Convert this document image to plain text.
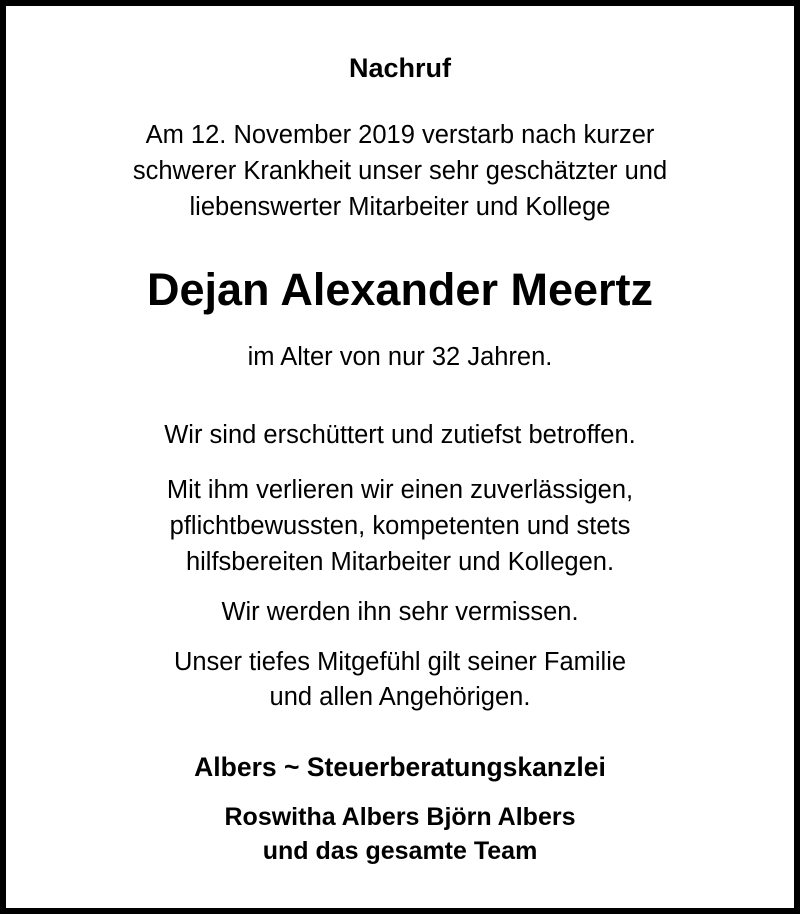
Nachruf
Am 12. November 2019 verstarb nach kurzer
schwerer Krankheit unser sehr geschätzter und
liebenswerter Mitarbeiter und Kollege
Dejan Alexander Meertz
im Alter von nur 32 Jahren.
Wir sind erschüttert und zutiefst betroffen.
Mit ihm verlieren wir einen zuverlässigen,
pflichtbewussten, kompetenten und stets
hilfsbereiten Mitarbeiter und Kollegen.
Wir werden ihn sehr vermissen.
Unser tiefes Mitgefühl gilt seiner Familie
und allen Angehörigen.
Albers ~ Steuerberatungskanzlei
Roswitha Albers Björn Albers
und das gesamte Team
